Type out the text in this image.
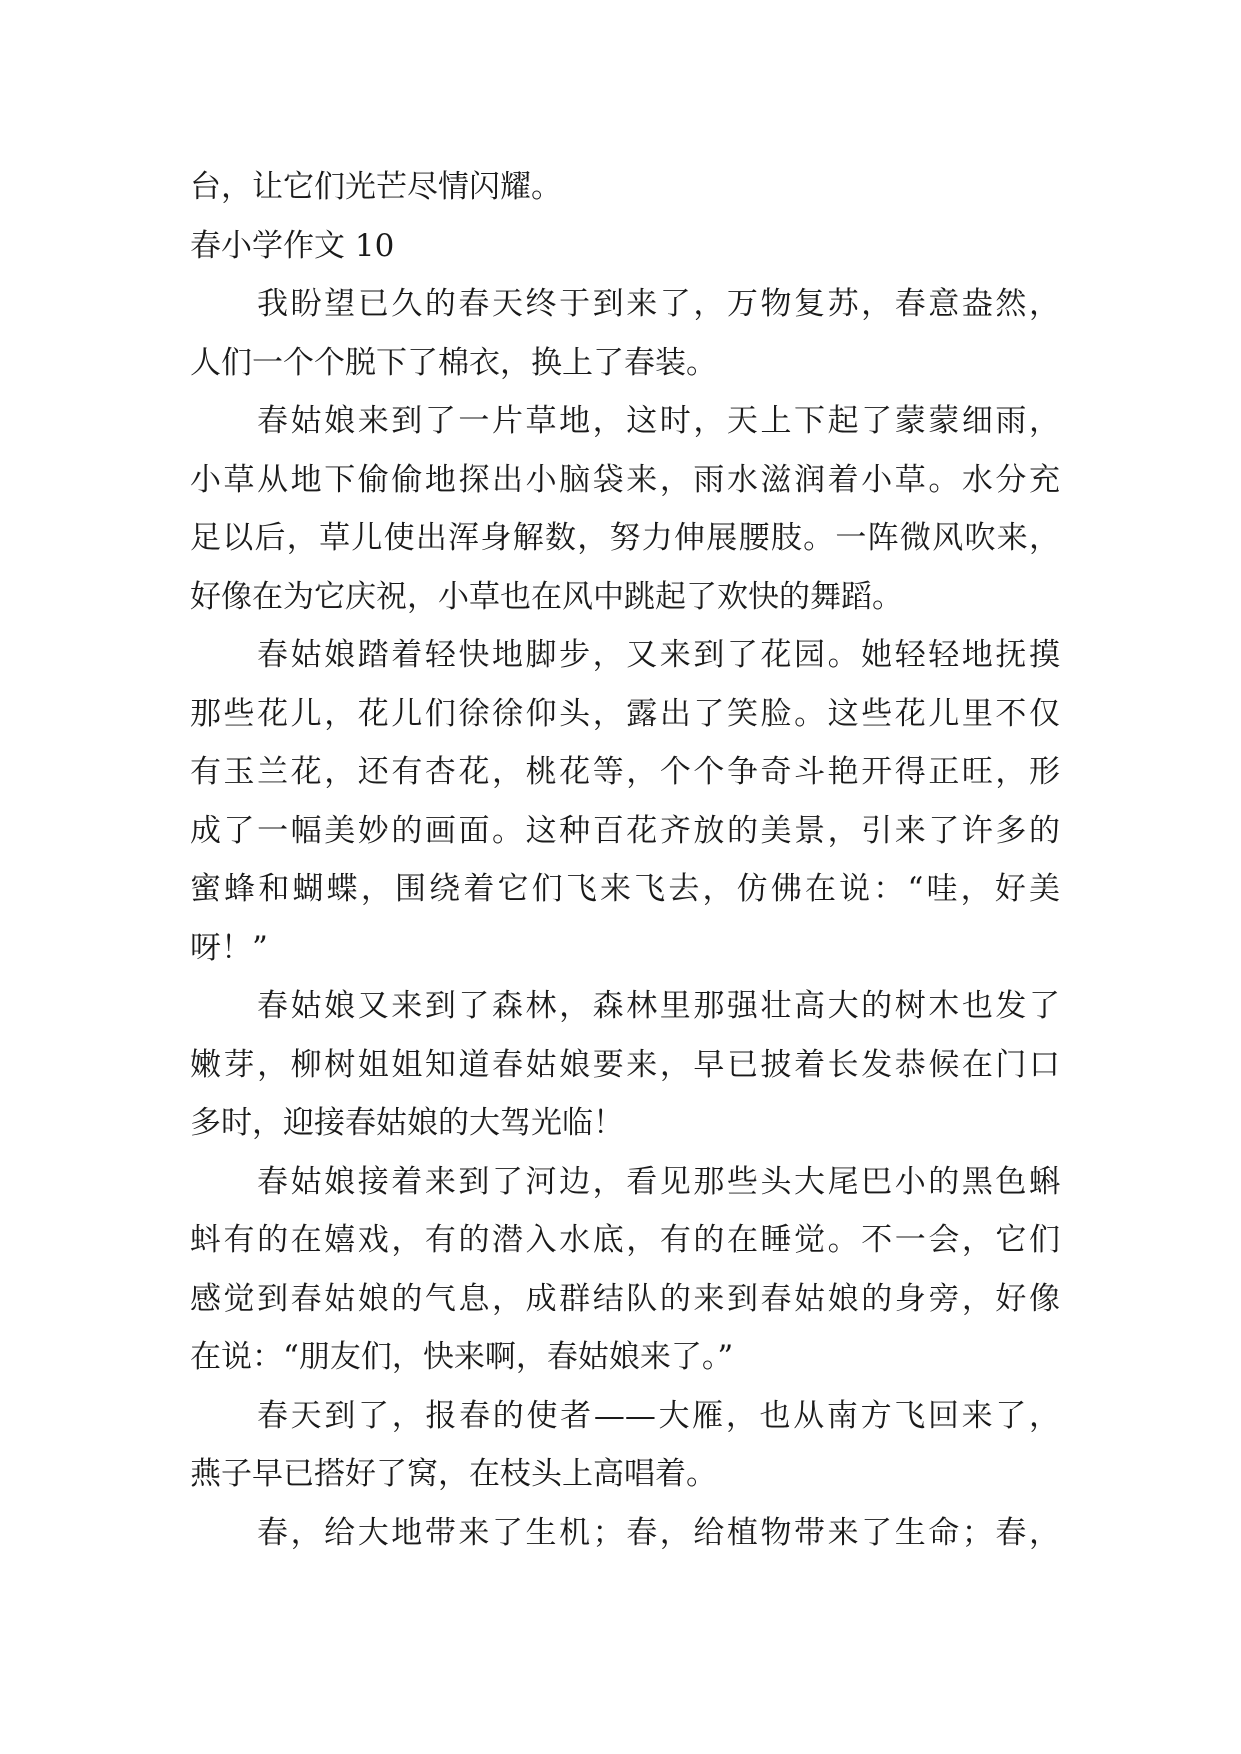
台，让它们光芒尽情闪耀。
春小学作文 10
我盼望已久的春天终于到来了，万物复苏，春意盎然，
人们一个个脱下了棉衣，换上了春装。
春姑娘来到了一片草地，这时，天上下起了蒙蒙细雨，
小草从地下偷偷地探出小脑袋来，雨水滋润着小草。水分充
足以后，草儿使出浑身解数，努力伸展腰肢。一阵微风吹来，
好像在为它庆祝，小草也在风中跳起了欢快的舞蹈。
春姑娘踏着轻快地脚步，又来到了花园。她轻轻地抚摸
那些花儿，花儿们徐徐仰头，露出了笑脸。这些花儿里不仅
有玉兰花，还有杏花，桃花等，个个争奇斗艳开得正旺，形
成了一幅美妙的画面。这种百花齐放的美景，引来了许多的
蜜蜂和蝴蝶，围绕着它们飞来飞去，仿佛在说：“哇，好美
呀！”
春姑娘又来到了森林，森林里那强壮高大的树木也发了
嫩芽，柳树姐姐知道春姑娘要来，早已披着长发恭候在门口
多时，迎接春姑娘的大驾光临！
春姑娘接着来到了河边，看见那些头大尾巴小的黑色蝌
蚪有的在嬉戏，有的潜入水底，有的在睡觉。不一会，它们
感觉到春姑娘的气息，成群结队的来到春姑娘的身旁，好像
在说：“朋友们，快来啊，春姑娘来了。”
春天到了，报春的使者——大雁，也从南方飞回来了，
燕子早已搭好了窝，在枝头上高唱着。
春，给大地带来了生机；春，给植物带来了生命；春，
